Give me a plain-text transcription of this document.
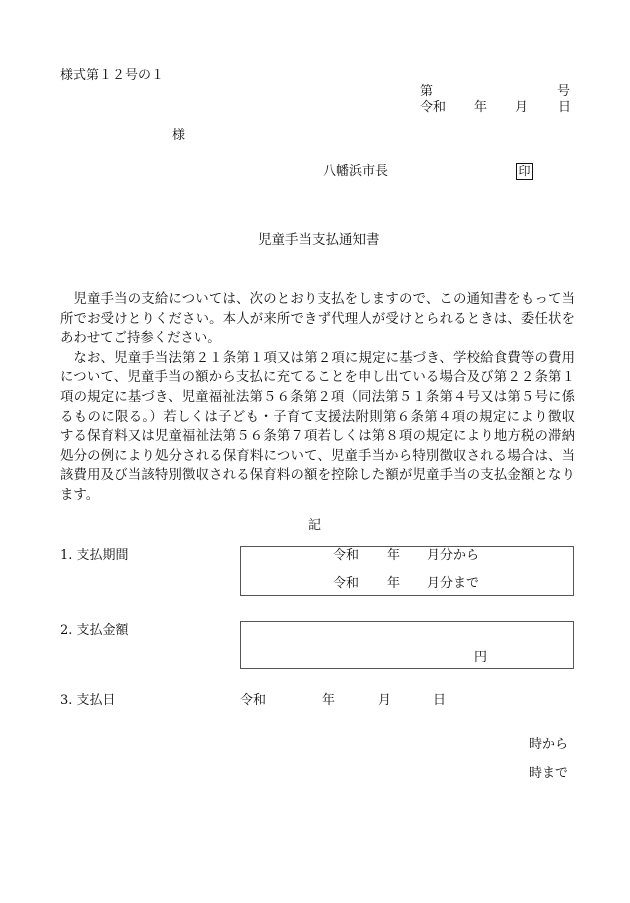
様式第１２号の１
第	号
令和 年 月 日
様
八幡浜市長	印
児童手当支払通知書

児童手当の支給については、次のとおり支払をしますので、この通知書をもって当所でお受けとりください。本人が来所できず代理人が受けとられるときは、委任状をあわせてご持参ください。

なお、児童手当法第２１条第１項又は第２項に規定に基づき、学校給食費等の費用について、児童手当の額から支払に充てることを申し出ている場合及び第２２条第１項の規定に基づき、児童福祉法第５６条第２項（同法第５１条第４号又は第５号に係るものに限る。）若しくは子ども・子育て支援法附則第６条第４項の規定により徴収する保育料又は児童福祉法第５６条第７項若しくは第８項の規定により地方税の滞納処分の例により処分される保育料について、児童手当から特別徴収される場合は、当該費用及び当該特別徴収される保育料の額を控除した額が児童手当の支払金額となります。

記
1. 支払期間	令和 年 月分から
令和 年 月分まで
2. 支払金額
円
3. 支払日	令和	年	月	日
時から
時まで
